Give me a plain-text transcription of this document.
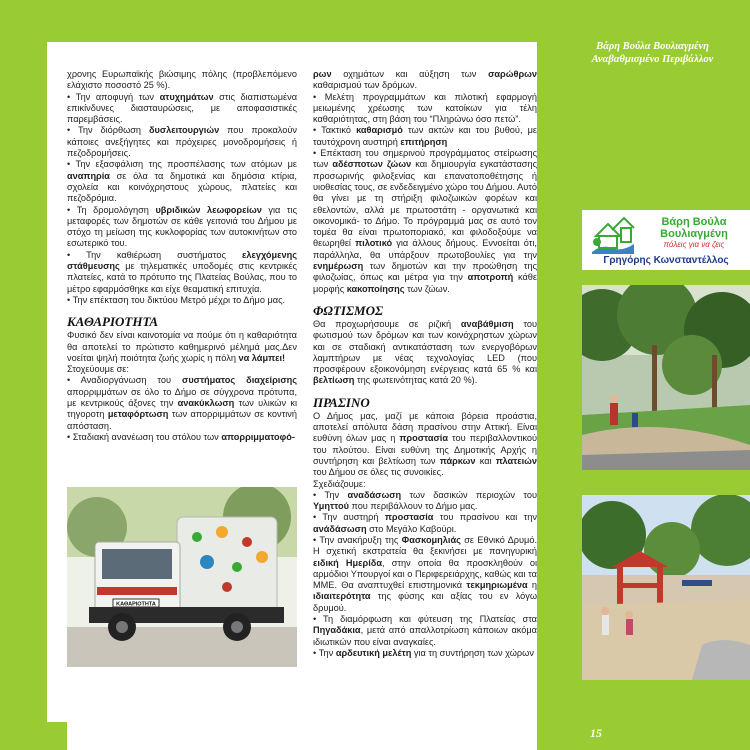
Βάρη Βούλα Βουλιαγμένη
Αναβαθμισμένο Περιβάλλον
Βάρη Βούλα
Βουλιαγμένη
πόλεις για να ζεις
Γρηγόρης Κωνσταντέλλος
ΚΑΘΑΡΙΟΤΗΤΑ

χρονης Ευρωπαϊκής βιώσιμης πόλης (προβλεπόμενο ελάχιστο ποσοστό 25 %).

• Την αποφυγή των ατυχημάτων στις διαπιστωμένα επικίνδυνες διασταυρώσεις, με αποφασιστικές παρεμβάσεις.

• Την διόρθωση δυσλειτουργιών που προκαλούν κάποιες ανεξήγητες και πρόχειρες μονοδρομήσεις ή πεζοδρομήσεις.

• Την εξασφάλιση της προσπέλασης των ατόμων με αναπηρία σε όλα τα δημοτικά και δημόσια κτίρια, σχολεία και κοινόχρηστους χώρους, πλατείες και πεζοδρόμια.

• Τη δρομολόγηση υβριδικών λεωφορείων για τις μεταφορές των δημοτών σε κάθε γειτονιά του Δήμου με στόχο τη μείωση της κυκλοφορίας των αυτοκινήτων στο εσωτερικό του.

• Την καθιέρωση συστήματος ελεγχόμενης στάθμευσης με τηλεματικές υποδομές στις κεντρικές πλατείες, κατά το πρότυπο της Πλατείας Βούλας, που το μέτρο εφαρμόσθηκε και είχε θεαματική επιτυχία.

• Την επέκταση του δικτύου Μετρό μέχρι το Δήμο μας.

ΚΑΘΑΡΙΟΤΗΤΑ

Φυσικό δεν είναι καινοτομία να πούμε ότι η καθαριότητα θα αποτελεί το πρώτιστο καθημερινό μέλημά μας.Δεν νοείται ψηλή ποιότητα ζωής χωρίς η πόλη να λάμπει!

Στοχεύουμε σε:

• Αναδιοργάνωση του συστήματος διαχείρισης απορριμμάτων σε όλο το Δήμο σε σύγχρονα πρότυπα, με κεντρικούς άξονες την ανακύκλωση των υλικών κι τηγοροτη μεταφόρτωση των απορριμμάτων σε κοντινή απόσταση.

• Σταδιακή ανανέωση του στόλου των απορριμματοφό-

ρων οχημάτων και αύξηση των σαρώθρων καθαρισμού των δρόμων.

• Μελέτη προγραμμάτων και πιλοτική εφαρμογή μειωμένης χρέωσης των κατοίκων για τέλη καθαριότητας, στη βάση του “Πληρώνω όσο πετώ”.

• Τακτικό καθαρισμό των ακτών και του βυθού, με ταυτόχρονη αυστηρή επιτήρηση

• Επέκταση του σημερινού προγράμματος στείρωσης των αδέσποτων ζώων και δημιουργία εγκατάστασης προσωρινής φιλοξενίας και επανατοποθέτησης ή υιοθεσίας τους, σε ενδεδειγμένο χώρο του Δήμου. Αυτό θα γίνει με τη στήριξη φιλοζωικών φορέων και εθελοντών, αλλά με πρωτοστάτη - οργανωτικά και οικονομικά- το Δήμο. Το πρόγραμμά μας σε αυτό τον τομέα θα είναι πρωτοποριακό, και φιλοδοξούμε να θεωρηθεί πιλοτικό για άλλους δήμους. Εννοείται ότι, παράλληλα, θα υπάρξουν πρωτοβουλίες για την ενημέρωση των δημοτών και την προώθηση της φιλοζωίας, όπως και μέτρα για την αποτροπή κάθε μορφής κακοποίησης των ζώων.

ΦΩΤΙΣΜΟΣ

Θα προχωρήσουμε σε ριζική αναβάθμιση του φωτισμού των δρόμων και των κοινόχρηστων χώρων και σε σταδιακή αντικατάσταση των ενεργοβόρων λαμπτήρων με νέας τεχνολογίας LED (που προσφέρουν εξοικονόμηση ενέργειας κατά 65 % και βελτίωση της φωτεινότητας κατά 20 %).

ΠΡΑΣΙΝΟ

Ο Δήμος μας, μαζί με κάποια βόρεια προάστια, αποτελεί απόλυτα δάση πρασίνου στην Αττική. Είναι ευθύνη όλων μας η προστασία του περιβαλλοντικού του πλούτου. Είναι ευθύνη της Δημοτικής Αρχής η συντήρηση και βελτίωση των πάρκων και πλατειών του Δήμου σε όλες τις συνοικίες.

Σχεδιάζουμε:

• Την αναδάσωση των δασικών περιοχών του Υμηττού που περιβάλλουν το Δήμο μας.

• Την αυστηρή προστασία του πρασίνου και την ανάδάσωση στο Μεγάλο Καβούρι.

• Την ανακήρυξη της Φασκομηλιάς σε Εθνικό Δρυμό. Η σχετική εκστρατεία θα ξεκινήσει με πανηγυρική ειδική Ημερίδα, στην οποία θα προσκληθούν οι αρμόδιοι Υπουργοί και ο Περιφερειάρχης, καθώς και τα ΜΜΕ. Θα αναπτυχθεί επιστημονικά τεκμηριωμένα η ιδιαιτερότητα της φύσης και αξίας του εν λόγω δρυμού.

• Τη διαμόρφωση και φύτευση της Πλατείας στα Πηγαδάκια, μετά από απαλλοτρίωση κάποιων ακόμα ιδιωτικών που είναι αναγκαίες.

• Την αρδευτική μελέτη για τη συντήρηση των χώρων

15
